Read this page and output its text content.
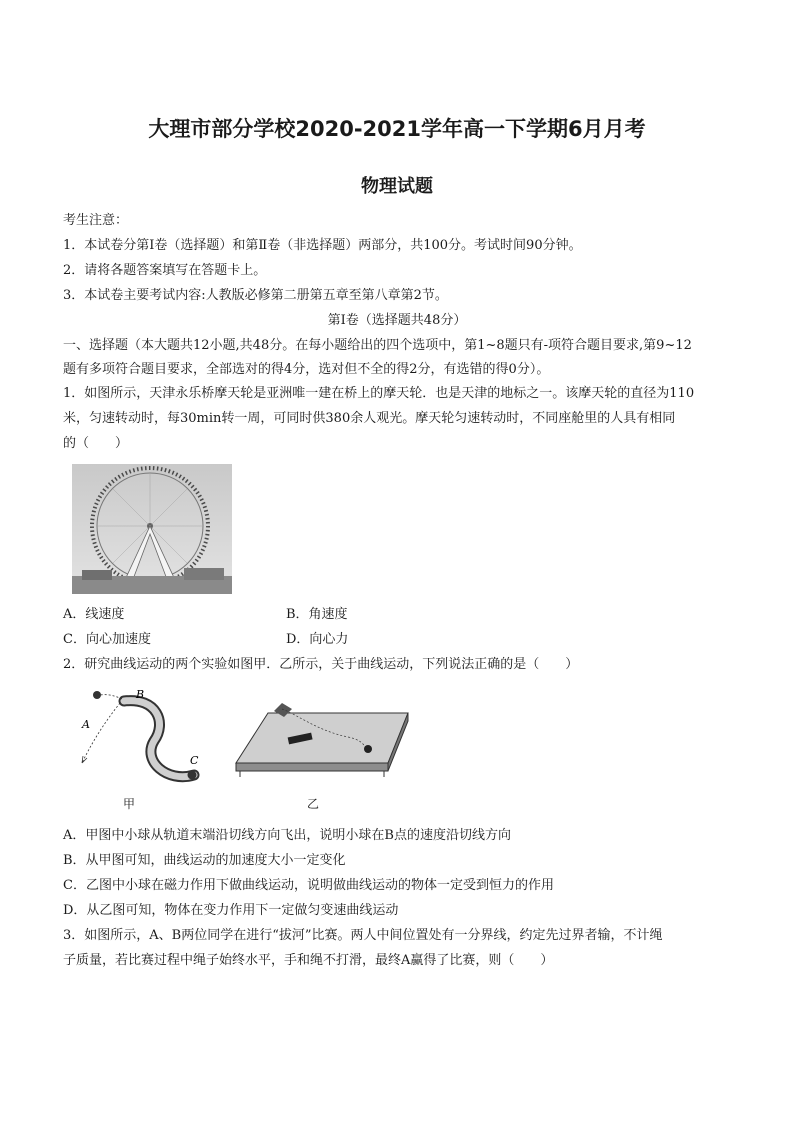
大理市部分学校2020-2021学年高一下学期6月月考
物理试题
考生注意：
1．本试卷分第Ⅰ卷（选择题）和第Ⅱ卷（非选择题）两部分，共100分。考试时间90分钟。
2．请将各题答案填写在答题卡上。
3．本试卷主要考试内容:人教版必修第二册第五章至第八章第2节。
第Ⅰ卷（选择题共48分）
一、选择题（本大题共12小题,共48分。在每小题给出的四个选项中，第1~8题只有-项符合题目要求,第9~12
题有多项符合题目要求，全部选对的得4分，选对但不全的得2分，有选错的得0分）。
1．如图所示，天津永乐桥摩天轮是亚洲唯一建在桥上的摩天轮．也是天津的地标之一。该摩天轮的直径为110
米，匀速转动时，每30min转一周，可同时供380余人观光。摩天轮匀速转动时，不同座舱里的人具有相同
的（　　）
A．线速度	B．角速度
C．向心加速度	D．向心力
2．研究曲线运动的两个实验如图甲．乙所示，关于曲线运动，下列说法正确的是（　　）
B
A
C
甲	乙
A．甲图中小球从轨道末端沿切线方向飞出，说明小球在B点的速度沿切线方向
B．从甲图可知，曲线运动的加速度大小一定变化
C．乙图中小球在磁力作用下做曲线运动，说明做曲线运动的物体一定受到恒力的作用
D．从乙图可知，物体在变力作用下一定做匀变速曲线运动
3．如图所示，A、B两位同学在进行“拔河”比赛。两人中间位置处有一分界线，约定先过界者输，不计绳
子质量，若比赛过程中绳子始终水平，手和绳不打滑，最终A赢得了比赛，则（　　）
